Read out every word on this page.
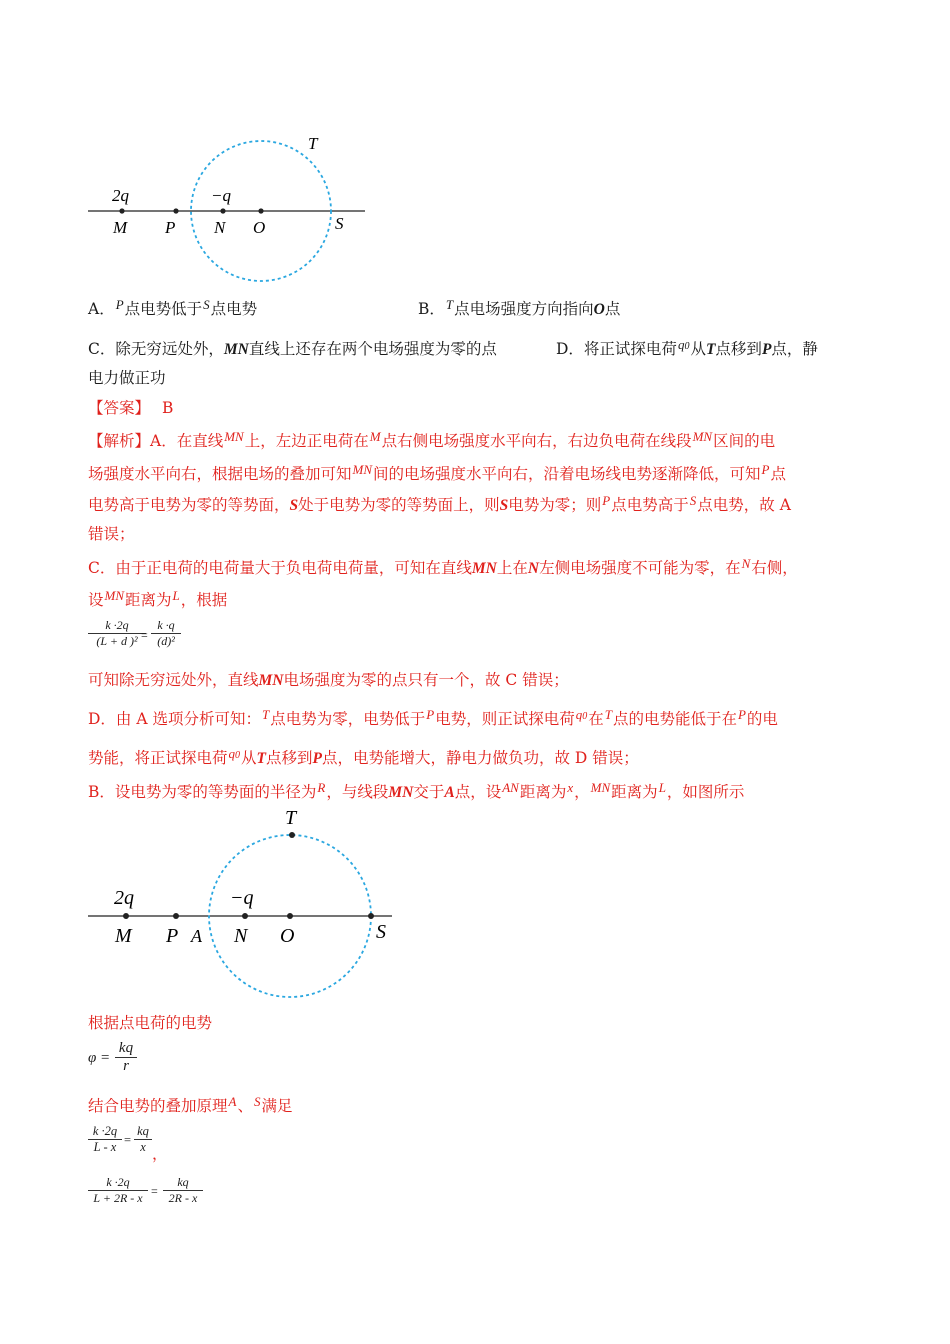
T
2q	−q
M P N O	S
A．$^P$点电势低于$^S$点电势	B．$^T$点电场强度方向指向O点
C．除无穷远处外，MN直线上还存在两个电场强度为零的点	D．将正试探电荷$^{q0}$从T点移到P点，静
电力做正功
【答案】 B
【解析】A．在直线$^{MN}$上，左边正电荷在$^M$点右侧电场强度水平向右，右边负电荷在线段$^{MN}$区间的电
场强度水平向右，根据电场的叠加可知$^{MN}$间的电场强度水平向右，沿着电场线电势逐渐降低，可知$^P$点
电势高于电势为零的等势面，S处于电势为零的等势面上，则S电势为零；则$^P$点电势高于$^S$点电势，故 A
错误；
C．由于正电荷的电荷量大于负电荷电荷量，可知在直线MN上在N左侧电场强度不可能为零，在$^N$右侧，
设$^{MN}$距离为$^L$，根据
k ·2q
(L + d )² =
k ·q
(d)²
可知除无穷远处外，直线MN电场强度为零的点只有一个，故 C 错误；
D．由 A 选项分析可知：$^T$点电势为零，电势低于$^P$电势，则正试探电荷$^{q0}$在$^T$点的电势能低于在$^P$的电
势能，将正试探电荷$^{q0}$从T点移到P点，电势能增大，静电力做负功，故 D 错误；
B．设电势为零的等势面的半径为$^R$，与线段MN交于A点，设$^{AN}$距离为$^x$，$^{MN}$距离为$^L$，如图所示
T
2q	−q
M P A N O	S
根据点电荷的电势
φ =
kq
r
结合电势的叠加原理$^A$、$^S$满足
k ·2q
L - x =
kq
x ，
k ·2q
L + 2R - x =
kq
2R - x
